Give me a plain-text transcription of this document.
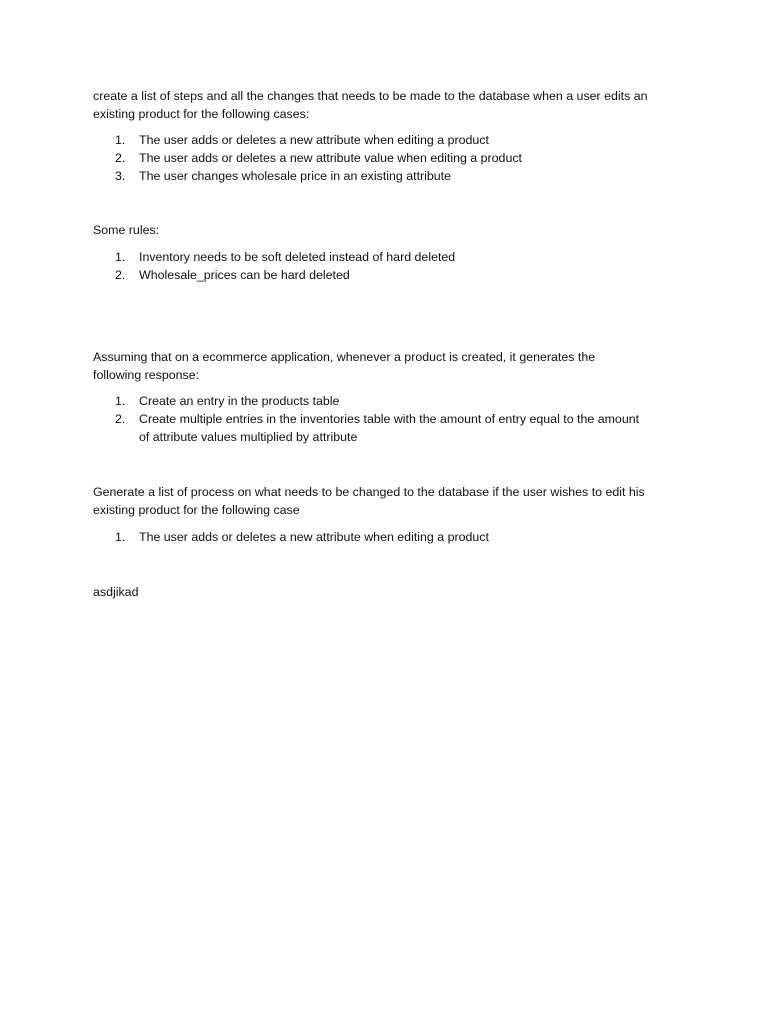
create a list of steps and all the changes that needs to be made to the database when a user edits an existing product for the following cases:

1. The user adds or deletes a new attribute when editing a product
2. The user adds or deletes a new attribute value when editing a product
3. The user changes wholesale price in an existing attribute

Some rules:

1. Inventory needs to be soft deleted instead of hard deleted
2. Wholesale_prices can be hard deleted

Assuming that on a ecommerce application, whenever a product is created, it generates the following response:

1. Create an entry in the products table
2. Create multiple entries in the inventories table with the amount of entry equal to the amount of attribute values multiplied by attribute

Generate a list of process on what needs to be changed to the database if the user wishes to edit his existing product for the following case

1. The user adds or deletes a new attribute when editing a product

asdjikad
